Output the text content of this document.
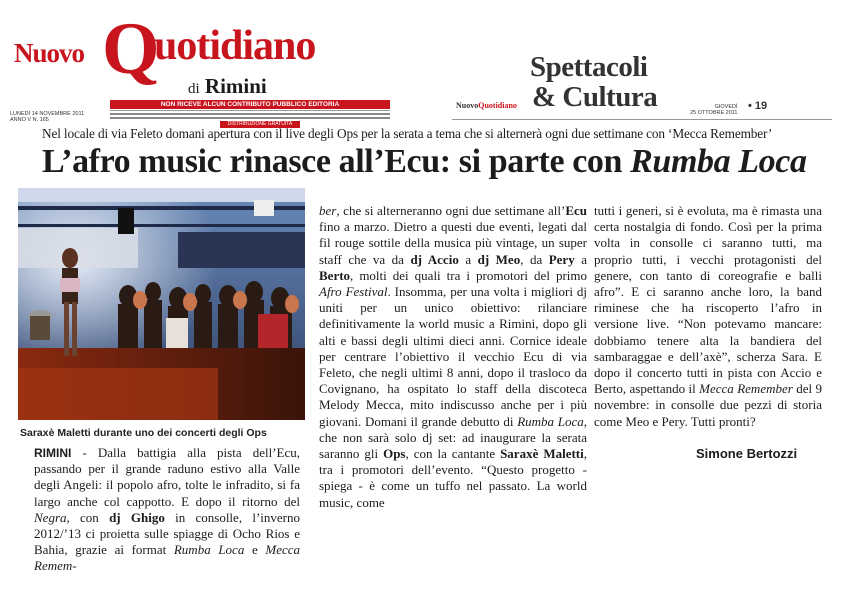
Nuovo Q
uotidiano
di Rimini
NON RICEVE ALCUN CONTRIBUTO PUBBLICO EDITORIA
LUNEDÌ 14 NOVEMBRE 2011
ANNO V N. 165
DISTRIBUZIONE GRATUITA
Spettacoli
& Cultura
NuovoQuotidiano	GIOVEDÌ
25 OTTOBRE 2011
• 19
Nel locale di via Feleto domani apertura con il live degli Ops per la serata a tema che si alternerà ogni due settimane con ‘Mecca Remember’
L’afro music rinasce all’Ecu: si parte con Rumba Loca
Saraxè Maletti durante uno dei concerti degli Ops

RIMINI - Dalla battigia alla pista dell’Ecu, passando per il grande raduno estivo alla Valle degli Angeli: il popolo afro, tolte le infradito, si fa largo anche col cappotto. E dopo il ritorno del Negra, con dj Ghigo in consolle, l’inverno 2012/’13 ci proietta sulle spiagge di Ocho Rios e Bahia, grazie ai format Rumba Loca e Mecca Remem-

ber, che si alterneranno ogni due settimane all’Ecu fino a marzo. Dietro a questi due eventi, legati dal fil rouge sottile della musica più vintage, un super staff che va da dj Accio a dj Meo, da Pery a Berto, molti dei quali tra i promotori del primo Afro Festival. Insomma, per una volta i migliori dj uniti per un unico obiettivo: rilanciare definitivamente la world music a Rimini, dopo gli alti e bassi degli ultimi dieci anni. Cornice ideale per centrare l’obiettivo il vecchio Ecu di via Feleto, che negli ultimi 8 anni, dopo il trasloco da Covignano, ha ospitato lo staff della discoteca Melody Mecca, mito indiscusso anche per i più giovani. Domani il grande debutto di Rumba Loca, che non sarà solo dj set: ad inaugurare la serata saranno gli Ops, con la cantante Saraxè Maletti, tra i promotori dell’evento. “Questo progetto - spiega - è come un tuffo nel passato. La world music, come

tutti i generi, si è evoluta, ma è rimasta una certa nostalgia di fondo. Così per la prima volta in consolle ci saranno tutti, ma proprio tutti, i vecchi protagonisti del genere, con tanto di coreografie e balli afro”. E ci saranno anche loro, la band riminese che ha riscoperto l’afro in versione live. “Non potevamo mancare: dobbiamo tenere alta la bandiera del sambaraggae e dell’axè”, scherza Sara. E dopo il concerto tutti in pista con Accio e Berto, aspettando il Mecca Remember del 9 novembre: in consolle due pezzi di storia come Meo e Pery. Tutti pronti?

Simone Bertozzi
